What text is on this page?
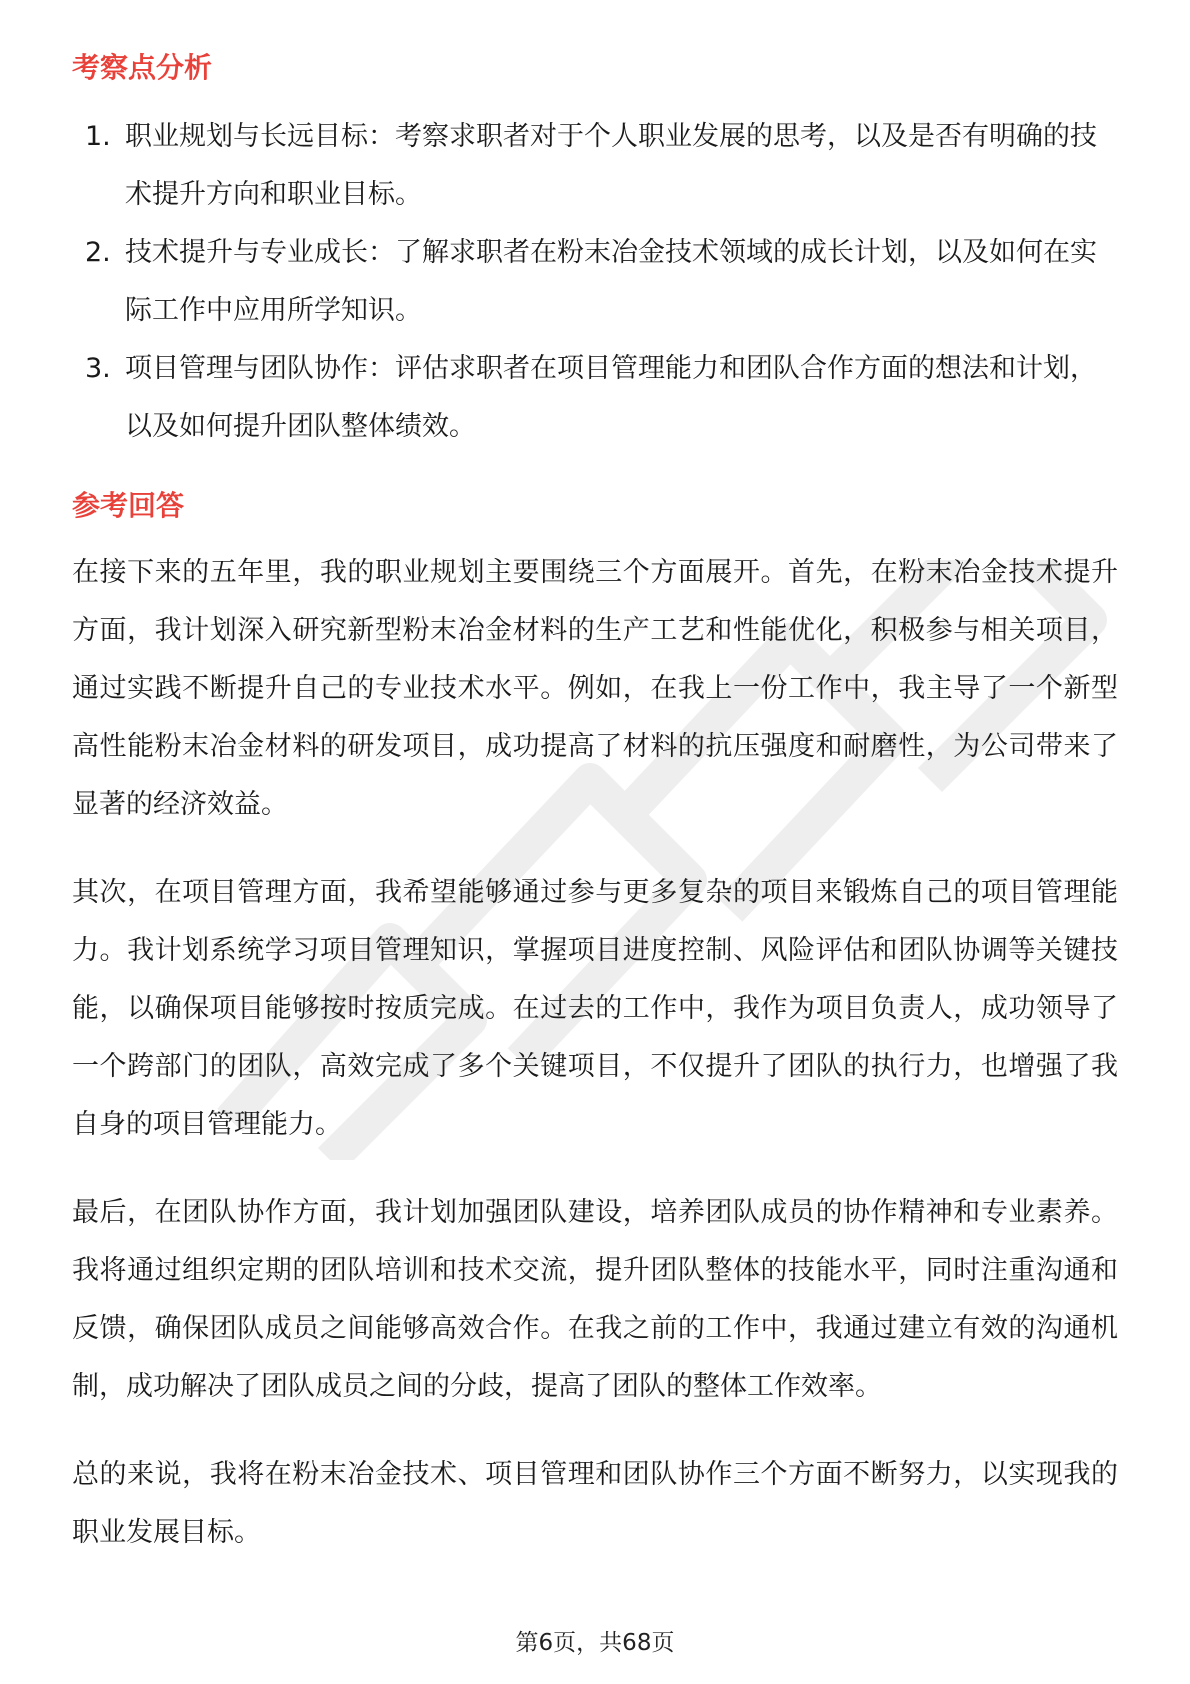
考察点分析
1. 职业规划与长远目标：考察求职者对于个人职业发展的思考，以及是否有明确的技术提升方向和职业目标。
2. 技术提升与专业成长：了解求职者在粉末冶金技术领域的成长计划，以及如何在实际工作中应用所学知识。
3. 项目管理与团队协作：评估求职者在项目管理能力和团队合作方面的想法和计划，以及如何提升团队整体绩效。
参考回答

在接下来的五年里，我的职业规划主要围绕三个方面展开。首先，在粉末冶金技术提升方面，我计划深入研究新型粉末冶金材料的生产工艺和性能优化，积极参与相关项目，通过实践不断提升自己的专业技术水平。例如，在我上一份工作中，我主导了一个新型高性能粉末冶金材料的研发项目，成功提高了材料的抗压强度和耐磨性，为公司带来了显著的经济效益。

其次，在项目管理方面，我希望能够通过参与更多复杂的项目来锻炼自己的项目管理能力。我计划系统学习项目管理知识，掌握项目进度控制、风险评估和团队协调等关键技能，以确保项目能够按时按质完成。在过去的工作中，我作为项目负责人，成功领导了一个跨部门的团队，高效完成了多个关键项目，不仅提升了团队的执行力，也增强了我自身的项目管理能力。

最后，在团队协作方面，我计划加强团队建设，培养团队成员的协作精神和专业素养。我将通过组织定期的团队培训和技术交流，提升团队整体的技能水平，同时注重沟通和反馈，确保团队成员之间能够高效合作。在我之前的工作中，我通过建立有效的沟通机制，成功解决了团队成员之间的分歧，提高了团队的整体工作效率。

总的来说，我将在粉末冶金技术、项目管理和团队协作三个方面不断努力，以实现我的职业发展目标。

第6页，共68页
